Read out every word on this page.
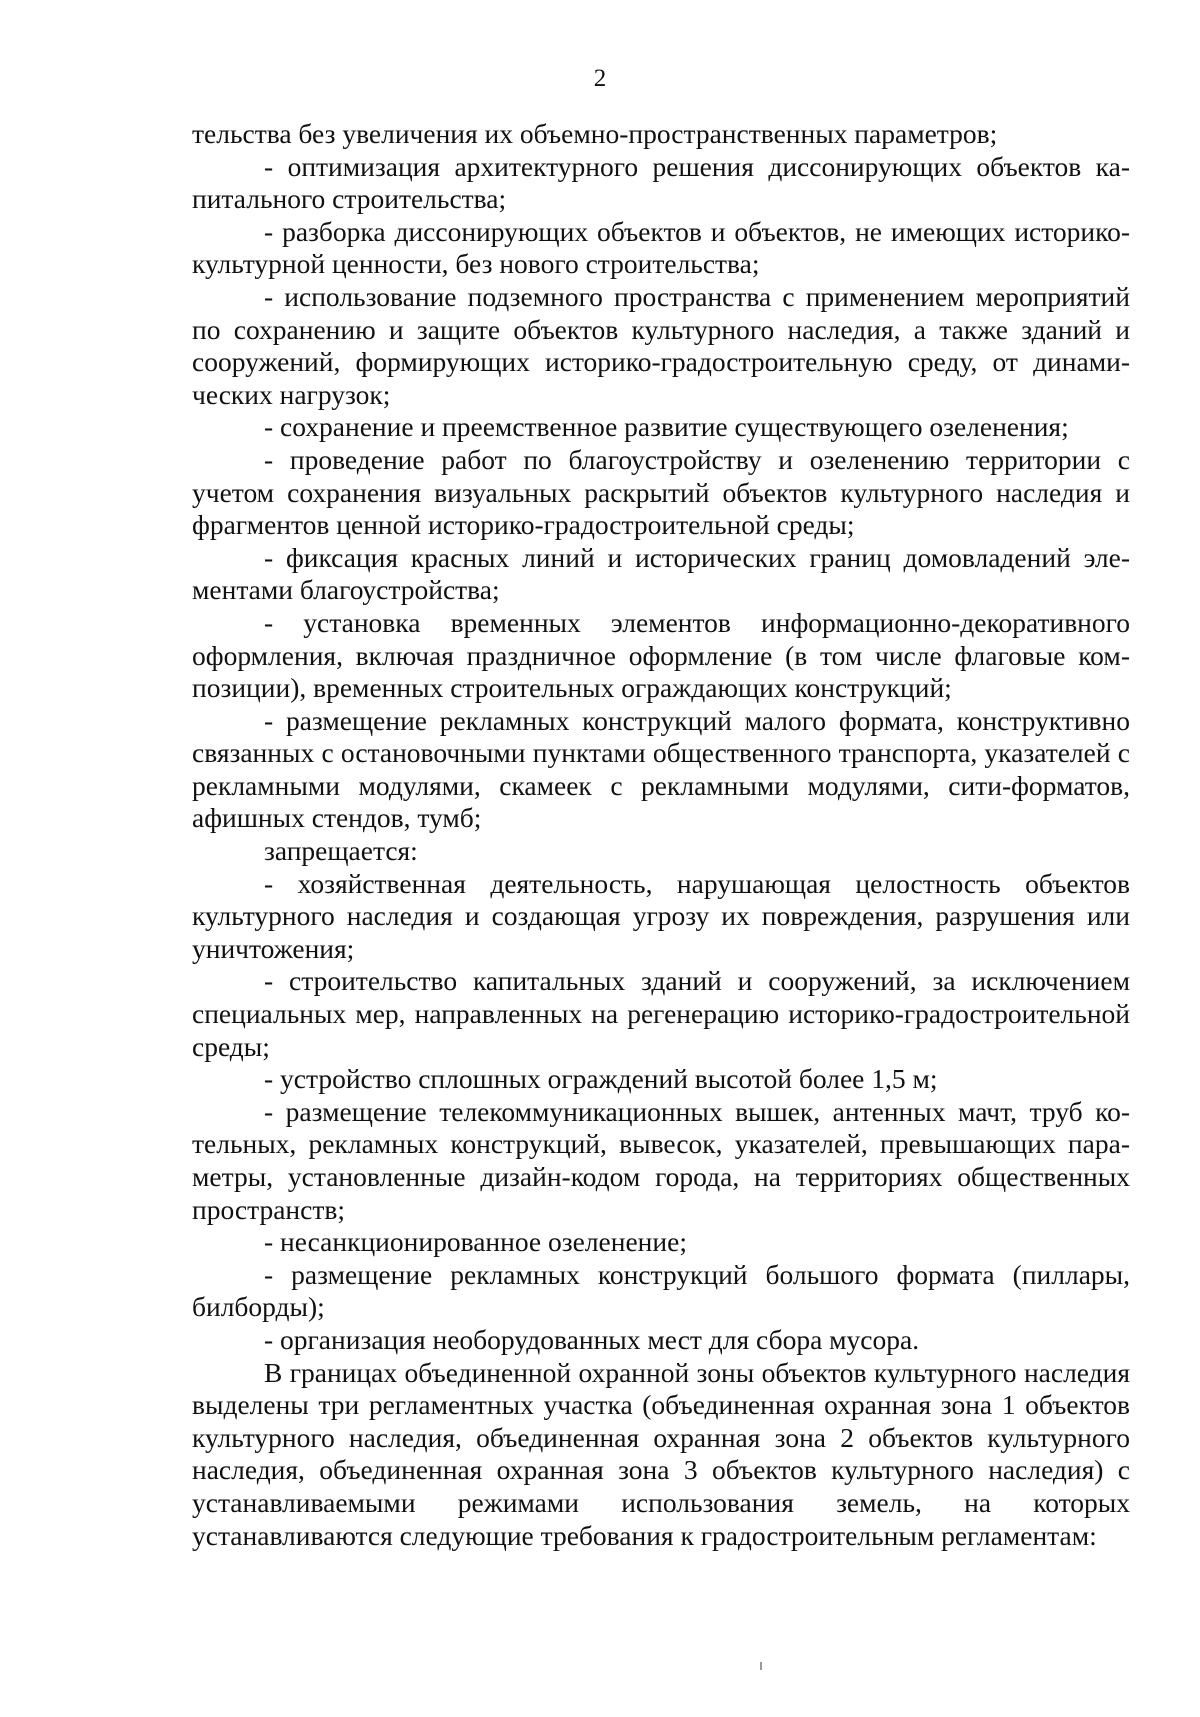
2

тельства без увеличения их объемно-пространственных параметров;

- оптимизация архитектурного решения диссонирующих объектов капитального строительства;

- разборка диссонирующих объектов и объектов, не имеющих историко-культурной ценности, без нового строительства;

- использование подземного пространства с применением мероприятий по сохранению и защите объектов культурного наследия, а также зданий и сооружений, формирующих историко-градостроительную среду, от динамических нагрузок;

- сохранение и преемственное развитие существующего озеленения;

- проведение работ по благоустройству и озеленению территории с учетом сохранения визуальных раскрытий объектов культурного наследия и фрагментов ценной историко-градостроительной среды;

- фиксация красных линий и исторических границ домовладений элементами благоустройства;

- установка временных элементов информационно-декоративного оформления, включая праздничное оформление (в том числе флаговые композиции), временных строительных ограждающих конструкций;

- размещение рекламных конструкций малого формата, конструктивно связанных с остановочными пунктами общественного транспорта, указателей с рекламными модулями, скамеек с рекламными модулями, сити-форматов, афишных стендов, тумб;

запрещается:

- хозяйственная деятельность, нарушающая целостность объектов культурного наследия и создающая угрозу их повреждения, разрушения или уничтожения;

- строительство капитальных зданий и сооружений, за исключением специальных мер, направленных на регенерацию историко-градостроительной среды;

- устройство сплошных ограждений высотой более 1,5 м;

- размещение телекоммуникационных вышек, антенных мачт, труб котельных, рекламных конструкций, вывесок, указателей, превышающих параметры, установленные дизайн-кодом города, на территориях общественных пространств;

- несанкционированное озеленение;

- размещение рекламных конструкций большого формата (пиллары, билборды);

- организация необорудованных мест для сбора мусора.

В границах объединенной охранной зоны объектов культурного наследия выделены три регламентных участка (объединенная охранная зона 1 объектов культурного наследия, объединенная охранная зона 2 объектов культурного наследия, объединенная охранная зона 3 объектов культурного наследия) с устанавливаемыми режимами использования земель, на которых устанавливаются следующие требования к градостроительным регламентам:
